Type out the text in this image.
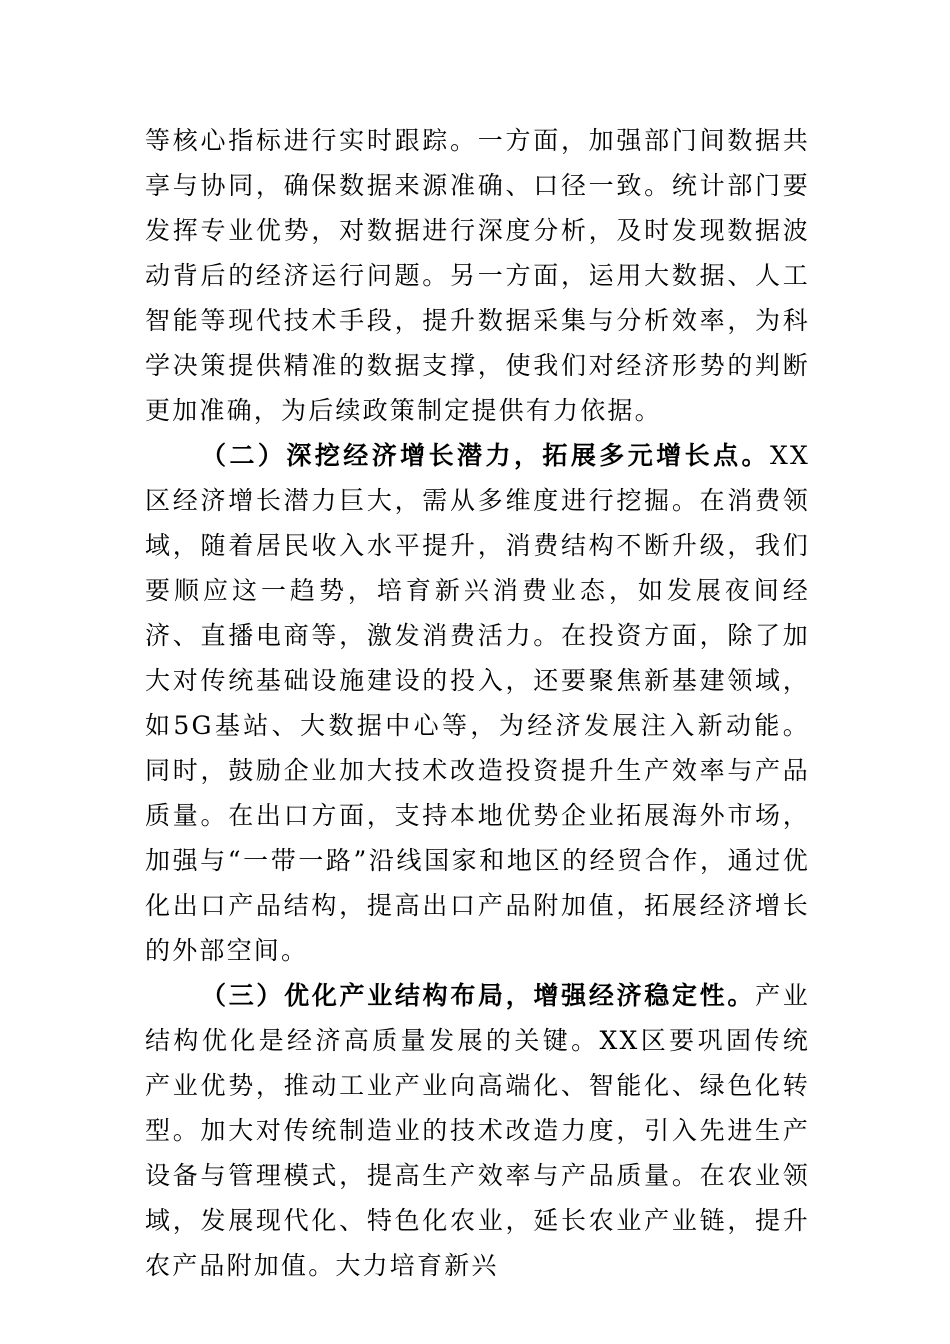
等核心指标进行实时跟踪。一方面，加强部门间数据共享与协同，确保数据来源准确、口径一致。统计部门要发挥专业优势，对数据进行深度分析，及时发现数据波动背后的经济运行问题。另一方面，运用大数据、人工智能等现代技术手段，提升数据采集与分析效率，为科学决策提供精准的数据支撑，使我们对经济形势的判断更加准确，为后续政策制定提供有力依据。

（二）深挖经济增长潜力，拓展多元增长点。XX区经济增长潜力巨大，需从多维度进行挖掘。在消费领域，随着居民收入水平提升，消费结构不断升级，我们要顺应这一趋势，培育新兴消费业态，如发展夜间经济、直播电商等，激发消费活力。在投资方面，除了加大对传统基础设施建设的投入，还要聚焦新基建领域，如5G基站、大数据中心等，为经济发展注入新动能。同时，鼓励企业加大技术改造投资提升生产效率与产品质量。在出口方面，支持本地优势企业拓展海外市场，加强与“一带一路”沿线国家和地区的经贸合作，通过优化出口产品结构，提高出口产品附加值，拓展经济增长的外部空间。

（三）优化产业结构布局，增强经济稳定性。产业结构优化是经济高质量发展的关键。XX区要巩固传统产业优势，推动工业产业向高端化、智能化、绿色化转型。加大对传统制造业的技术改造力度，引入先进生产设备与管理模式，提高生产效率与产品质量。在农业领域，发展现代化、特色化农业，延长农业产业链，提升农产品附加值。大力培育新兴
